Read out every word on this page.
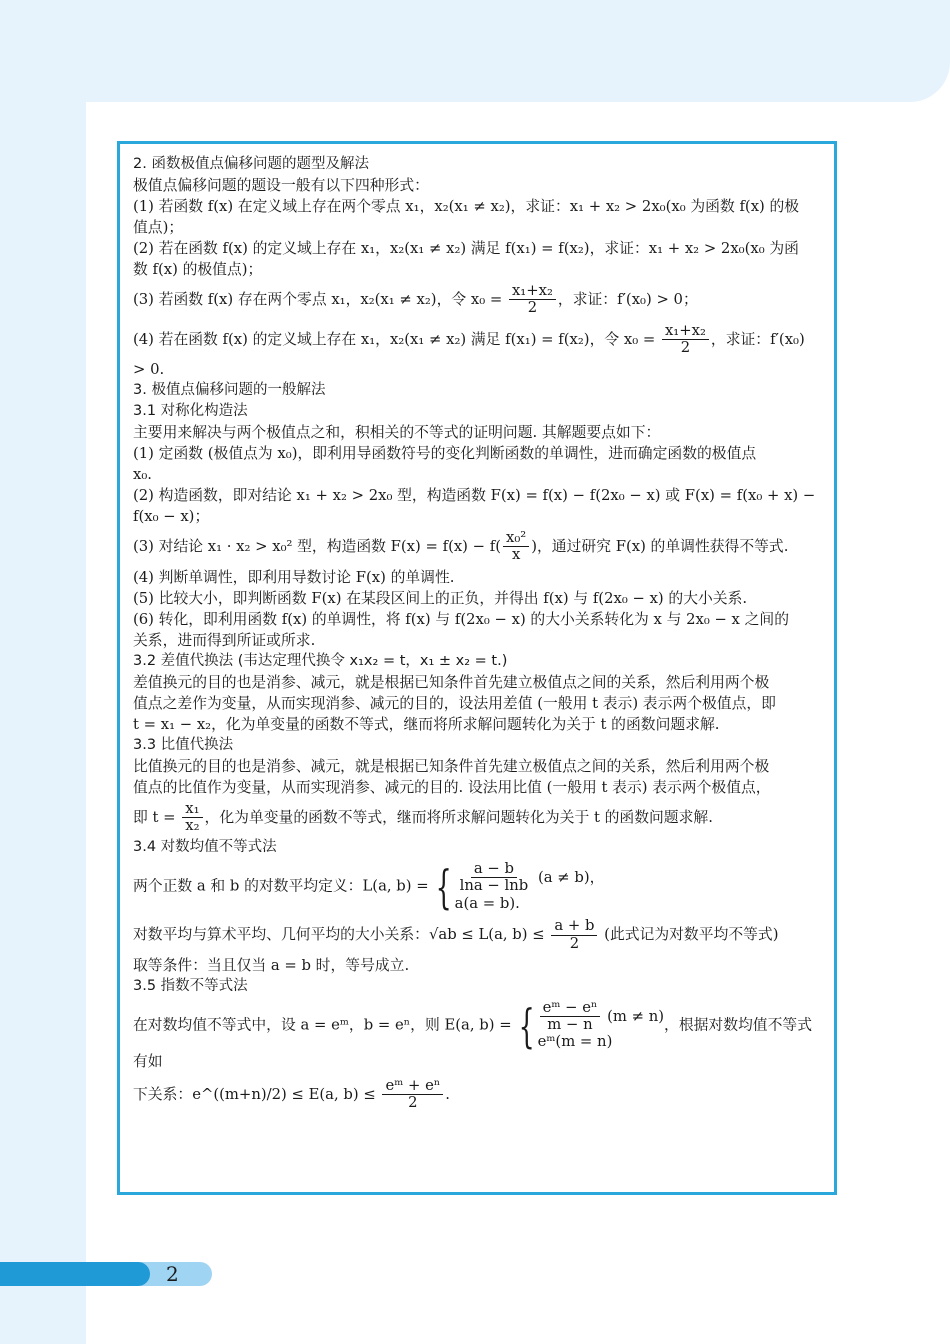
2. 函数极值点偏移问题的题型及解法

极值点偏移问题的题设一般有以下四种形式：

(1) 若函数 f(x) 在定义域上存在两个零点 x₁，x₂(x₁ ≠ x₂)，求证：x₁ + x₂ > 2x₀(x₀ 为函数 f(x) 的极

值点)；

(2) 若在函数 f(x) 的定义域上存在 x₁，x₂(x₁ ≠ x₂) 满足 f(x₁) = f(x₂)，求证：x₁ + x₂ > 2x₀(x₀ 为函

数 f(x) 的极值点)；

(3) 若函数 f(x) 存在两个零点 x₁，x₂(x₁ ≠ x₂)，令 $x_0 = \frac{\text{x₁+x₂}}{2}$ ，求证：f′(x₀) > 0；

(4) 若在函数 f(x) 的定义域上存在 x₁，x₂(x₁ ≠ x₂) 满足 f(x₁) = f(x₂)，令 $x_0 = \frac{\text{x₁+x₂}}{2}$ ，求证：f′(x₀)

> 0.

3. 极值点偏移问题的一般解法

3.1 对称化构造法

主要用来解决与两个极值点之和，积相关的不等式的证明问题. 其解题要点如下：

(1) 定函数 (极值点为 x₀)，即利用导函数符号的变化判断函数的单调性，进而确定函数的极值点

x₀.

(2) 构造函数，即对结论 x₁ + x₂ > 2x₀ 型，构造函数 F(x) = f(x) − f(2x₀ − x) 或 F(x) = f(x₀ + x) −

f(x₀ − x)；

(3) 对结论 x₁ · x₂ > x₀² 型，构造函数 $F(x) = f(x) - f( \frac{\text{x₀²}}{x}$ )，通过研究 F(x) 的单调性获得不等式.

(4) 判断单调性，即利用导数讨论 F(x) 的单调性.

(5) 比较大小，即判断函数 F(x) 在某段区间上的正负，并得出 f(x) 与 f(2x₀ − x) 的大小关系.

(6) 转化，即利用函数 f(x) 的单调性，将 f(x) 与 f(2x₀ − x) 的大小关系转化为 x 与 2x₀ − x 之间的

关系，进而得到所证或所求.

3.2 差值代换法 (韦达定理代换令 x₁x₂ = t，x₁ ± x₂ = t.)

差值换元的目的也是消参、减元，就是根据已知条件首先建立极值点之间的关系，然后利用两个极

值点之差作为变量，从而实现消参、减元的目的，设法用差值 (一般用 t 表示) 表示两个极值点，即

t = x₁ − x₂，化为单变量的函数不等式，继而将所求解问题转化为关于 t 的函数问题求解.

3.3 比值代换法

比值换元的目的也是消参、减元，就是根据已知条件首先建立极值点之间的关系，然后利用两个极

值点的比值作为变量，从而实现消参、减元的目的. 设法用比值 (一般用 t 表示) 表示两个极值点，

即 $t = \frac{\text{x₁}}{\text{x₂}}$ ，化为单变量的函数不等式，继而将所求解问题转化为关于 t 的函数问题求解.

3.4 对数均值不等式法

两个正数 a 和 b 的对数平均定义：L(a, b) = { $\frac{a - b}{\ln a - \ln b} (a \ne b)$，
a(a = b).

对数平均与算术平均、几何平均的大小关系：√ab ≤ L(a, $b) \le \frac{a + b}{2}$ (此式记为对数平均不等式)

取等条件：当且仅当 a = b 时，等号成立.

3.5 指数不等式法

在对数均值不等式中，设 a = eᵐ，b = eⁿ，则 E(a, b) = { $\frac{\text{eᵐ − eⁿ}}{m - n} (m \ne n)$
eᵐ(m = n)
，根据对数均值不等式有如

下关系：e^((m+n)/2) ≤ E(a, $b) \le \frac{\text{eᵐ + eⁿ}}{2}$ .

2
